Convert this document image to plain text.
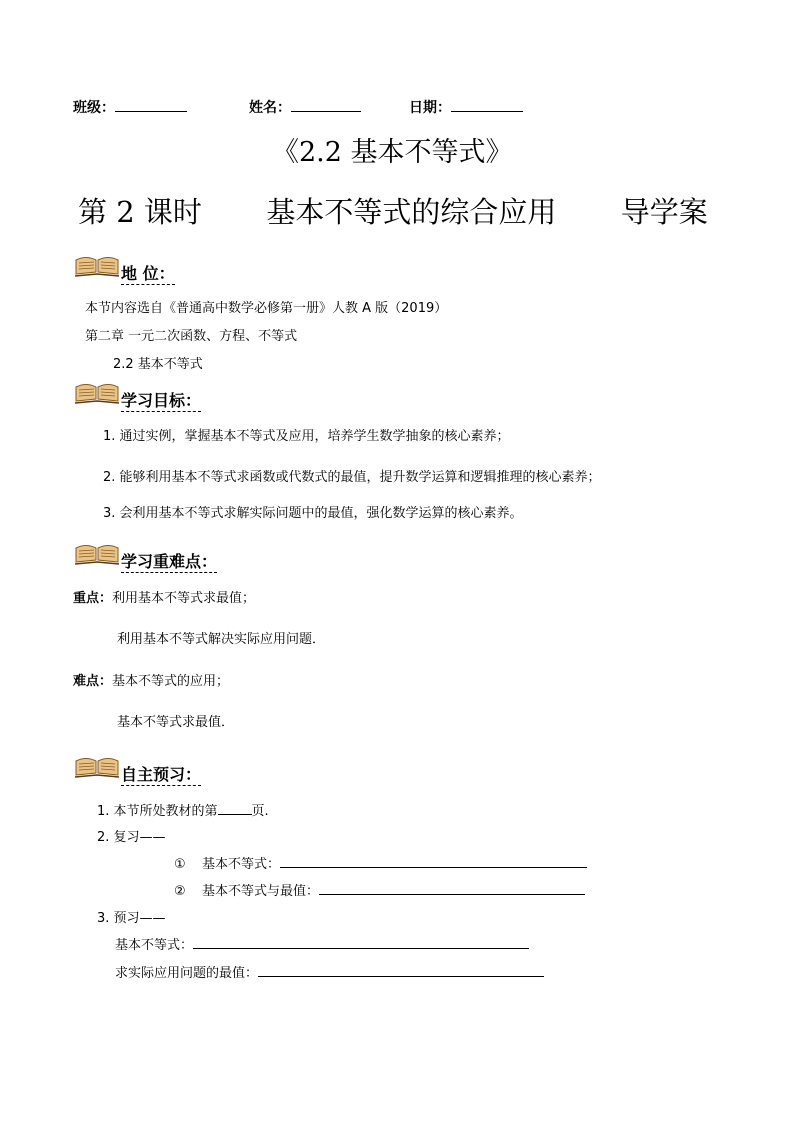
班级：	姓名：	日期：
《2.2 基本不等式》
第 2 课时 基本不等式的综合应用 导学案
地 位：
本节内容选自《普通高中数学必修第一册》人教 A 版（2019）
第二章 一元二次函数、方程、不等式
2.2 基本不等式
学习目标：
1. 通过实例，掌握基本不等式及应用，培养学生数学抽象的核心素养；
2. 能够利用基本不等式求函数或代数式的最值，提升数学运算和逻辑推理的核心素养；
3. 会利用基本不等式求解实际问题中的最值，强化数学运算的核心素养。
学习重难点：
重点：利用基本不等式求最值；
利用基本不等式解决实际应用问题．
难点：基本不等式的应用；
基本不等式求最值．
自主预习：
1. 本节所处教材的第	页.
2. 复习——
① 基本不等式：
② 基本不等式与最值：
3. 预习——
基本不等式：
求实际应用问题的最值：
